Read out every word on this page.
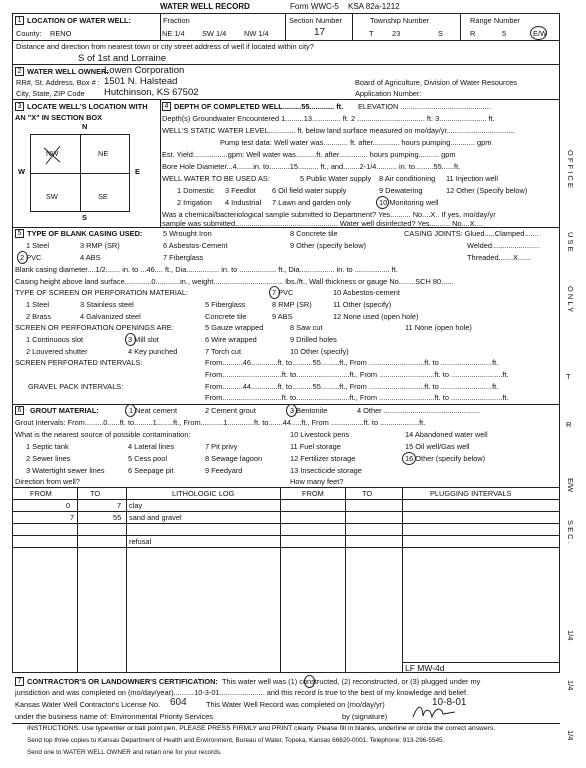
WATER WELL RECORD	Form WWC-5 KSA 82a-1212
1 LOCATION OF WATER WELL:
County: RENO
Fraction
NE 1/4 SW 1/4 NW 1/4
Section Number
17
Township Number
T 23	S
Range Number
R	5	E/W
Distance and direction from nearest town or city street address of well if located within city?
S of 1st and Lorraine
2 WATER WELL OWNER:
Lowen Corporation
RR#, St. Address, Box # : 1501 N. Halstead	Board of Agriculture, Division of Water Resources
City, State, ZIP Code Hutchinson, KS 67502	Application Number:
3 LOCATE WELL'S LOCATION WITH
AN "X" IN SECTION BOX
N
S
W	E
NW	NE
SW	SE
4 DEPTH OF COMPLETED WELL.........55............ ft. ELEVATION ............................................
Depth(s) Groundwater Encountered 1.........13.............. ft. 2 ................................. ft. 3....................... ft.
WELL'S STATIC WATER LEVEL............. ft. below land surface measured on mo/day/yr.................................
Pump test data: Well water was............ ft. after............. hours pumping............ gpm
Est. Yield:................gpm: Well water was..........ft. after.............. hours pumping.......... gpm
Bore Hole Diameter...4........in. to..........15.......... ft., and........2-1/4.......... in. to.........55......ft.
WELL WATER TO BE USED AS:	5 Public Water supply 8 Air conditioning 11 Injection well
1 Domestic 3 Feedlot 6 Oil field water supply	9 Dewatering	12 Other (Specify below)
2 Irrigation 4 Industrial 7 Lawn and garden only	10 Monitoring well
Was a chemical/bacteriological sample submitted to Department? Yes.......... No....X.. If yes, mo/day/yr
sample was submitted.................................................. Water well disinfected? Yes.......... No....X....
5 TYPE OF BLANK CASING USED:	5 Wrought Iron	8 Concrete tile	CASING JOINTS: Glued.....Clamped.......
1 Steel	3 RMP (SR)	6 Asbestos-Cement	9 Other (specify below)	Welded.......................
2 PVC	4 ABS	7 Fiberglass	Threaded.......X......
Blank casing diameter....1/2....... in. to ...46.... ft., Dia................ in. to .................. ft., Dia................. in. to ................. ft.
Casing height above land surface.............0............in., weight.................................. lbs./ft., Wall thickness or gauge No........SCH 80......
TYPE OF SCREEN OR PERFORATION MATERIAL:	7 PVC	10 Asbestos-cement
1 Steel	3 Stainless steel	5 Fiberglass	8 RMP (SR)	11 Other (specify)
2 Brass	4 Galvanized steel	Concrete tile	9 ABS	12 None used (open hole)
SCREEN OR PERFORATION OPENINGS ARE:	5 Gauze wrapped	8 Saw cut	11 None (open hole)
1 Continuous slot	3 Mill slot	6 Wire wrapped	9 Drilled holes
2 Louvered shutter	4 Key punched	7 Torch cut	10 Other (specify)
SCREEN PERFORATED INTERVALS:	From..........46.............ft. to..........55.........ft., From ...........................ft. to .........................ft.
From.............................ft. to..........................ft., From ...........................ft. to .........................ft.
GRAVEL PACK INTERVALS:	From..........44.............ft. to..........55.........ft., From ...........................ft. to .........................ft.
From.............................ft. to..........................ft., From ...........................ft. to .........................ft.
6	GROUT MATERIAL:	1 Neat cement	2 Cement grout	3 Bentonite	4 Other ...............................................
Grout Intervals: From.........0......ft. to.........1........ft., From...........1.............ft. to.......44.....ft., From ................ft. to ...................ft.
What is the nearest source of possible contamination:	10 Livestock pens	14 Abandoned water well
1 Septic tank	4 Lateral lines	7 Pit privy	11 Fuel storage	15 Oil well/Gas well
2 Sewer lines	5 Cess pool	8 Sewage lagoon	12 Fertilizer storage	16 Other (specify below)
3 Watertight sewer lines	6 Seepage pit	9 Feedyard	13 Insecticide storage
Direction from well?	How many feet?
FROM	TO	LITHOLOGIC LOG	FROM	TO	PLUGGING INTERVALS
0	7 clay
7	55 sand and gravel
refusal
LF MW-4d
7 CONTRACTOR'S OR LANDOWNER'S CERTIFICATION: This water well was (1) constructed, (2) reconstructed, or (3) plugged under my
jurisdiction and was completed on (mo/day/year)..........10-3-01...................... and this record is true to the best of my knowledge and belief.
Kansas Water Well Contractor's License No. 604	This Water Well Record was completed on (mo/day/yr)	10-8-01
under the business name of: Environmental Priority Services	by (signature)
INSTRUCTIONS: Use typewriter or ball point pen. PLEASE PRESS FIRMLY and PRINT clearly. Please fill in blanks, underline or circle the correct answers.
Send top three copies to Kansas Department of Health and Environment, Bureau of Water, Topeka, Kansas 66620-0001. Telephone: 913-296-5545.
Send one to WATER WELL OWNER and retain one for your records.
O F F I C E
U S E
O N L Y
T
R
E/W
S E C .
1/4
1/4
1/4
